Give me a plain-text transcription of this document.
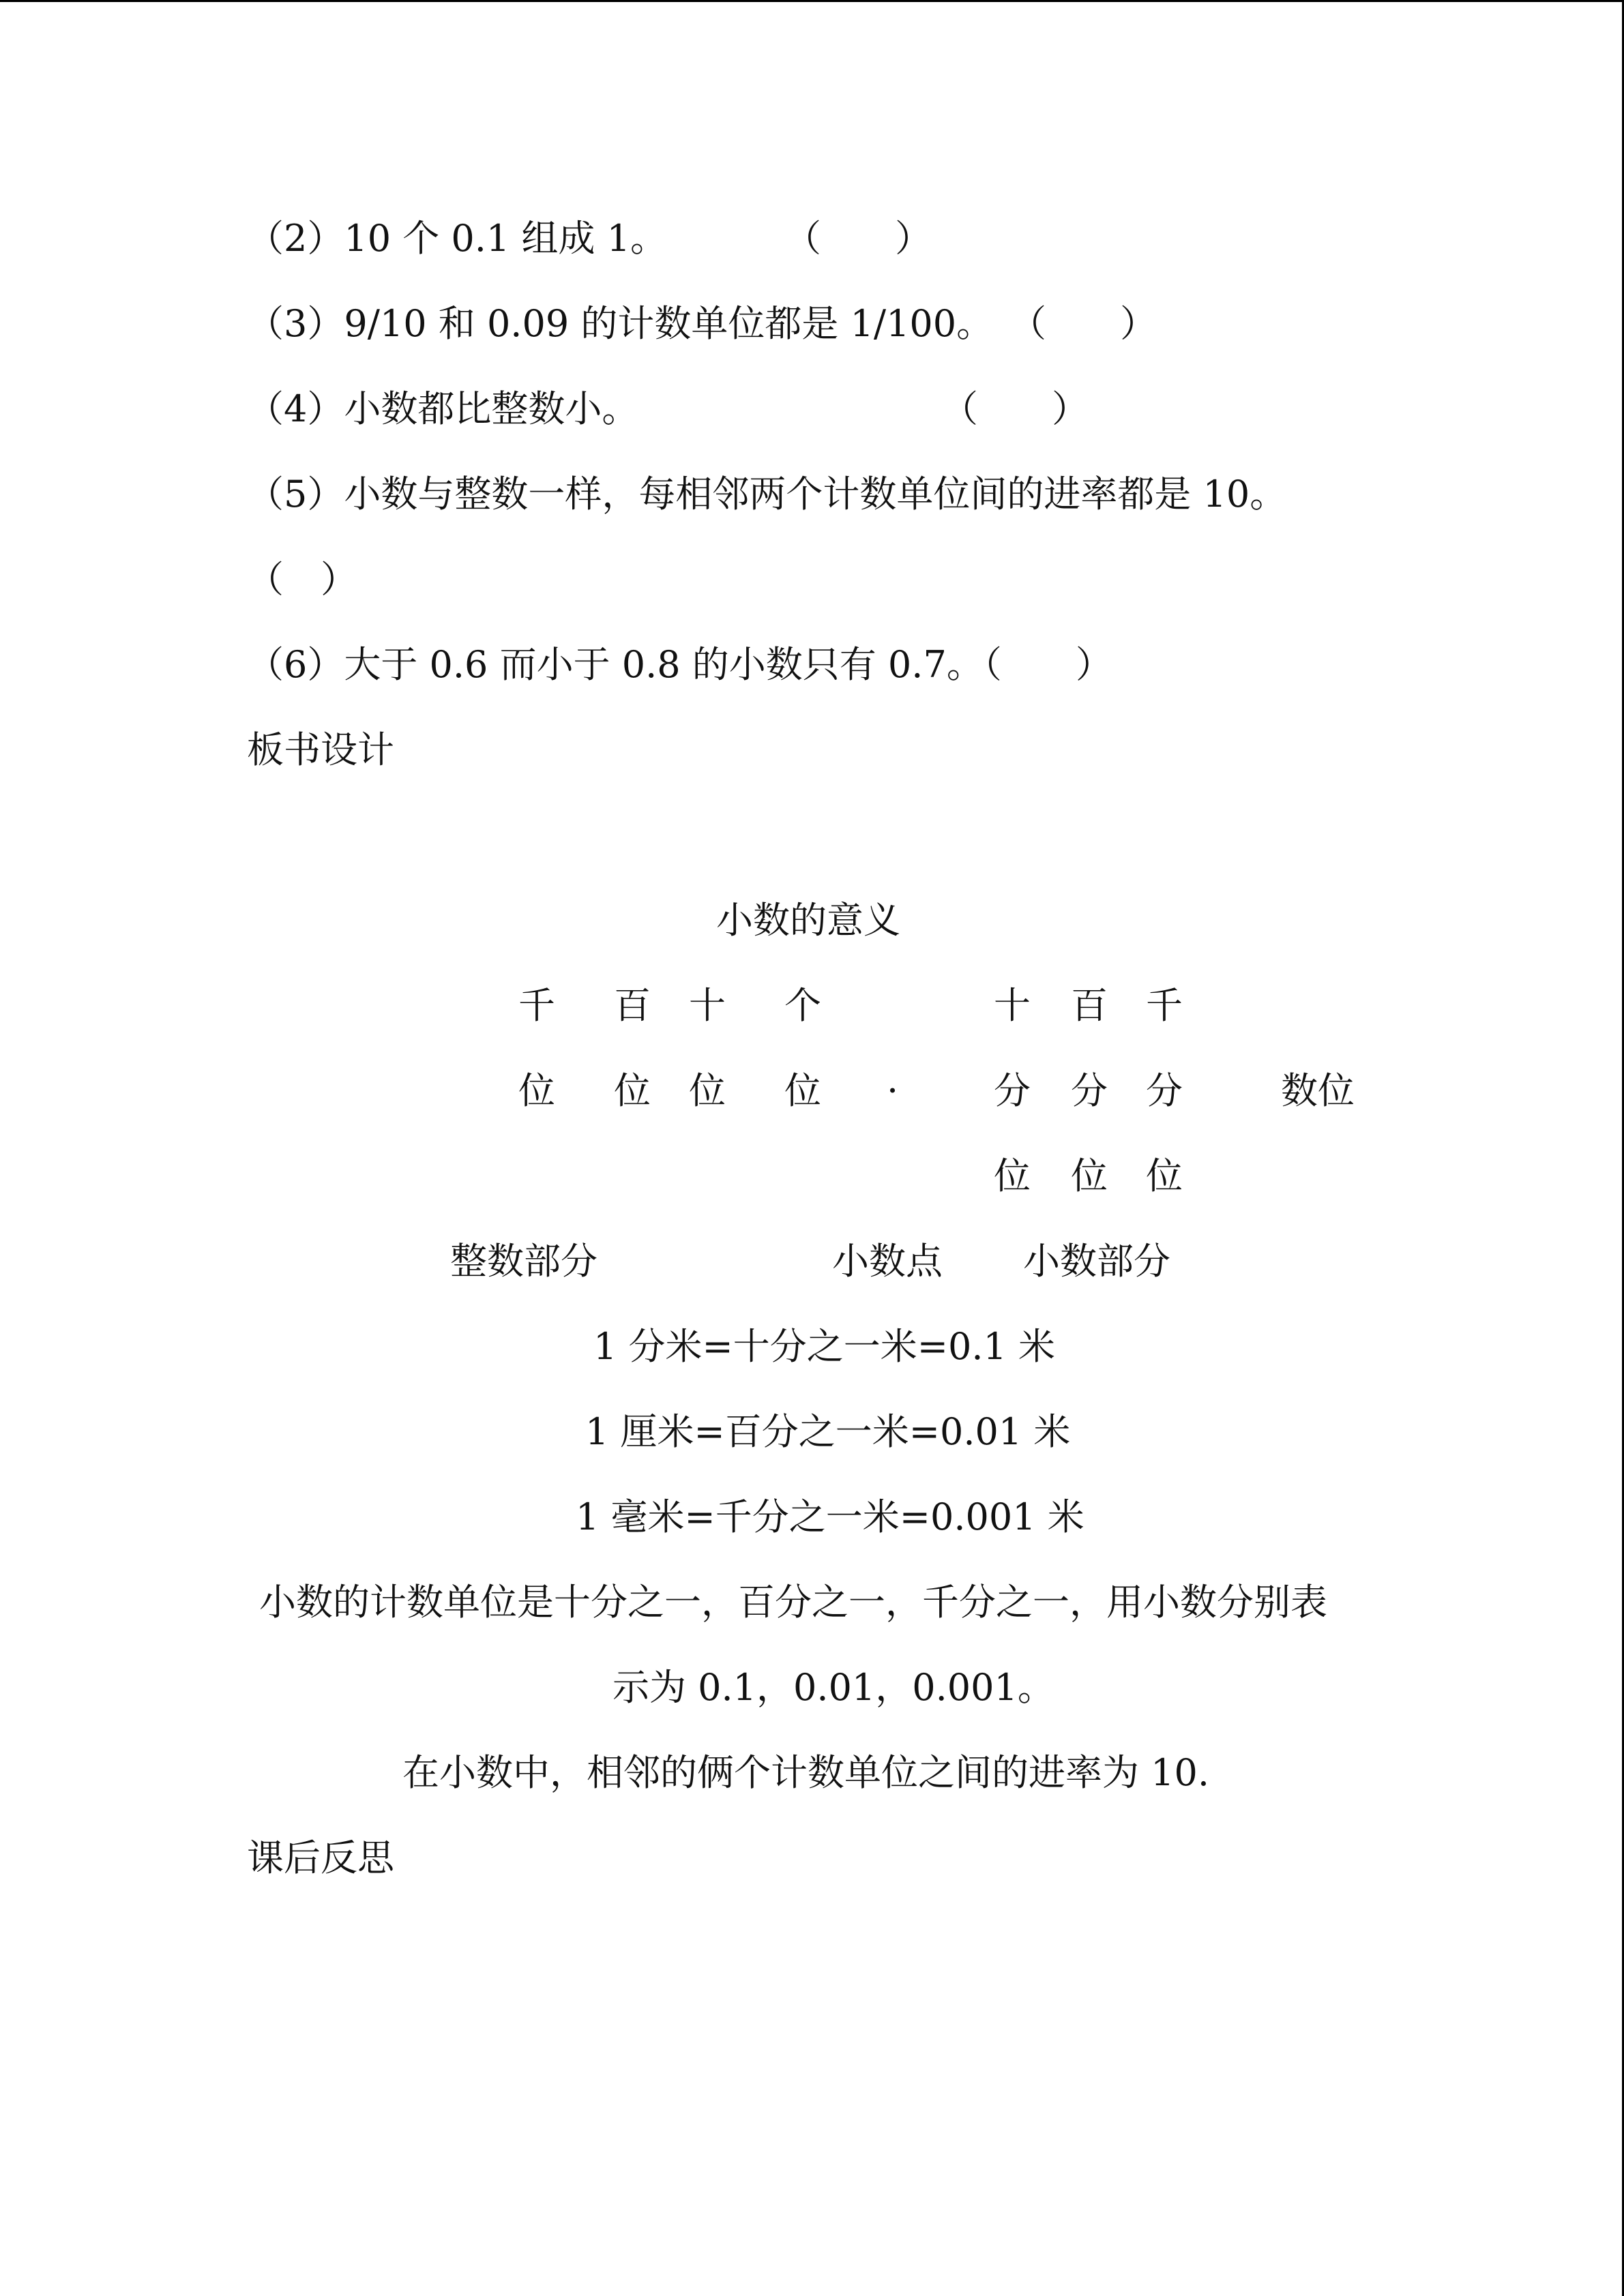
（2）10 个 0.1 组成 1。	（　　）
（3）9/10 和 0.09 的计数单位都是 1/100。 （　　）
（4）小数都比整数小。	（　　）
（5）小数与整数一样，每相邻两个计数单位间的进率都是 10。
（　）
（6）大于 0.6 而小于 0.8 的小数只有 0.7。（　　）
板书设计
小数的意义
千 百 十 个	十 百 千
位 位 位 位 ·	分 分 分	数位
位 位 位
整数部分	小数点 小数部分
1 分米=十分之一米=0.1 米
1 厘米=百分之一米=0.01 米
1 毫米=千分之一米=0.001 米
小数的计数单位是十分之一，百分之一，千分之一，用小数分别表
示为 0.1，0.01，0.001。
在小数中，相邻的俩个计数单位之间的进率为 10.
课后反思
